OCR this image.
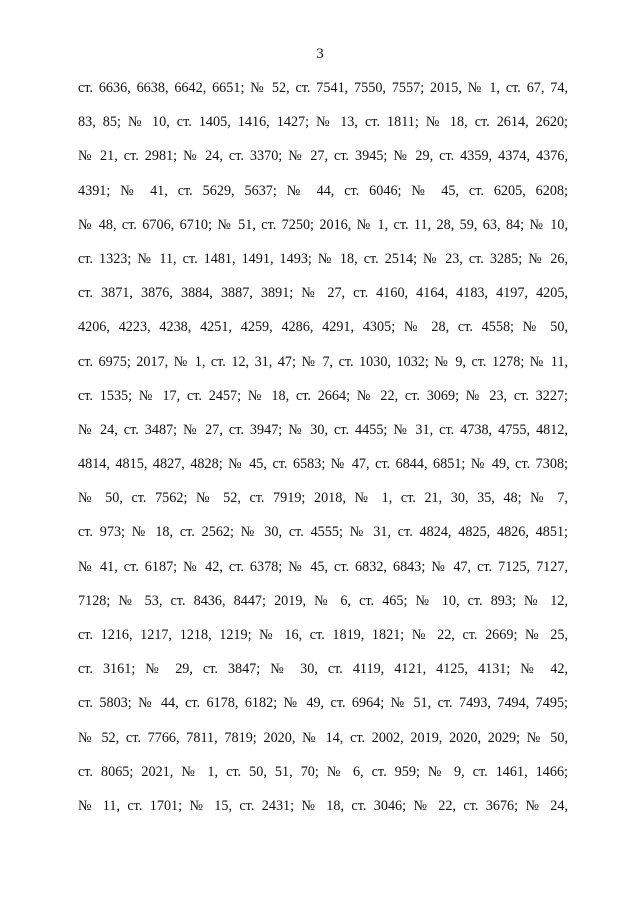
3
ст. 6636, 6638, 6642, 6651; № 52, ст. 7541, 7550, 7557; 2015, № 1, ст. 67, 74,
83, 85; № 10, ст. 1405, 1416, 1427; № 13, ст. 1811; № 18, ст. 2614, 2620;
№ 21, ст. 2981; № 24, ст. 3370; № 27, ст. 3945; № 29, ст. 4359, 4374, 4376,
4391; № 41, ст. 5629, 5637; № 44, ст. 6046; № 45, ст. 6205, 6208;
№ 48, ст. 6706, 6710; № 51, ст. 7250; 2016, № 1, ст. 11, 28, 59, 63, 84; № 10,
ст. 1323; № 11, ст. 1481, 1491, 1493; № 18, ст. 2514; № 23, ст. 3285; № 26,
ст. 3871, 3876, 3884, 3887, 3891; № 27, ст. 4160, 4164, 4183, 4197, 4205,
4206, 4223, 4238, 4251, 4259, 4286, 4291, 4305; № 28, ст. 4558; № 50,
ст. 6975; 2017, № 1, ст. 12, 31, 47; № 7, ст. 1030, 1032; № 9, ст. 1278; № 11,
ст. 1535; № 17, ст. 2457; № 18, ст. 2664; № 22, ст. 3069; № 23, ст. 3227;
№ 24, ст. 3487; № 27, ст. 3947; № 30, ст. 4455; № 31, ст. 4738, 4755, 4812,
4814, 4815, 4827, 4828; № 45, ст. 6583; № 47, ст. 6844, 6851; № 49, ст. 7308;
№ 50, ст. 7562; № 52, ст. 7919; 2018, № 1, ст. 21, 30, 35, 48; № 7,
ст. 973; № 18, ст. 2562; № 30, ст. 4555; № 31, ст. 4824, 4825, 4826, 4851;
№ 41, ст. 6187; № 42, ст. 6378; № 45, ст. 6832, 6843; № 47, ст. 7125, 7127,
7128; № 53, ст. 8436, 8447; 2019, № 6, ст. 465; № 10, ст. 893; № 12,
ст. 1216, 1217, 1218, 1219; № 16, ст. 1819, 1821; № 22, ст. 2669; № 25,
ст. 3161; № 29, ст. 3847; № 30, ст. 4119, 4121, 4125, 4131; № 42,
ст. 5803; № 44, ст. 6178, 6182; № 49, ст. 6964; № 51, ст. 7493, 7494, 7495;
№ 52, ст. 7766, 7811, 7819; 2020, № 14, ст. 2002, 2019, 2020, 2029; № 50,
ст. 8065; 2021, № 1, ст. 50, 51, 70; № 6, ст. 959; № 9, ст. 1461, 1466;
№ 11, ст. 1701; № 15, ст. 2431; № 18, ст. 3046; № 22, ст. 3676; № 24,
